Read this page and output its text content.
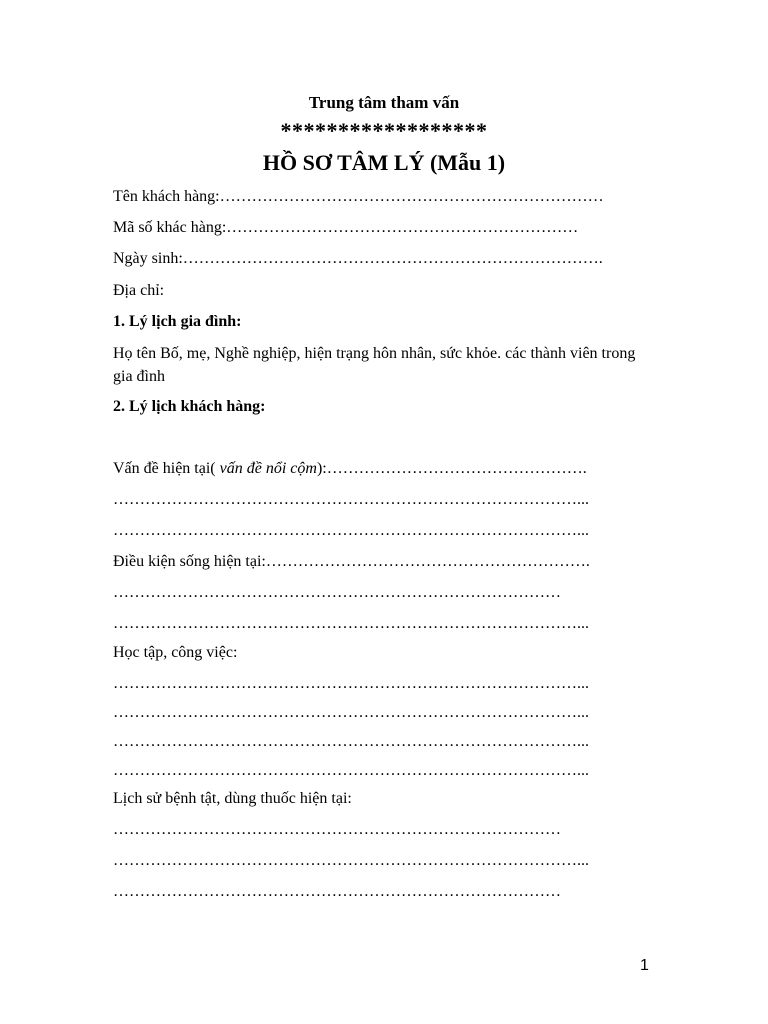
Trung tâm tham vấn
******************
HỒ SƠ TÂM LÝ (Mẫu 1)
Tên khách hàng:………………………………………………………………
Mã số khác hàng:…………………………………………………………
Ngày sinh:…………………………………………………………………….
Địa chỉ:
1. Lý lịch gia đình:
Họ tên Bố, mẹ, Nghề nghiệp, hiện trạng hôn nhân, sức khỏe. các thành viên trong gia đình
2. Lý lịch khách hàng:
Vấn đề hiện tại( vấn đề nổi cộm):………………………………………….
……………………………………………………………………………...
……………………………………………………………………………...
Điều kiện sống hiện tại:…………………………………………………….
…………………………………………………………………………
……………………………………………………………………………...
Học tập, công việc:
……………………………………………………………………………...
……………………………………………………………………………...
……………………………………………………………………………...
……………………………………………………………………………...
Lịch sử bệnh tật, dùng thuốc hiện tại:
…………………………………………………………………………
……………………………………………………………………………...
…………………………………………………………………………
1
